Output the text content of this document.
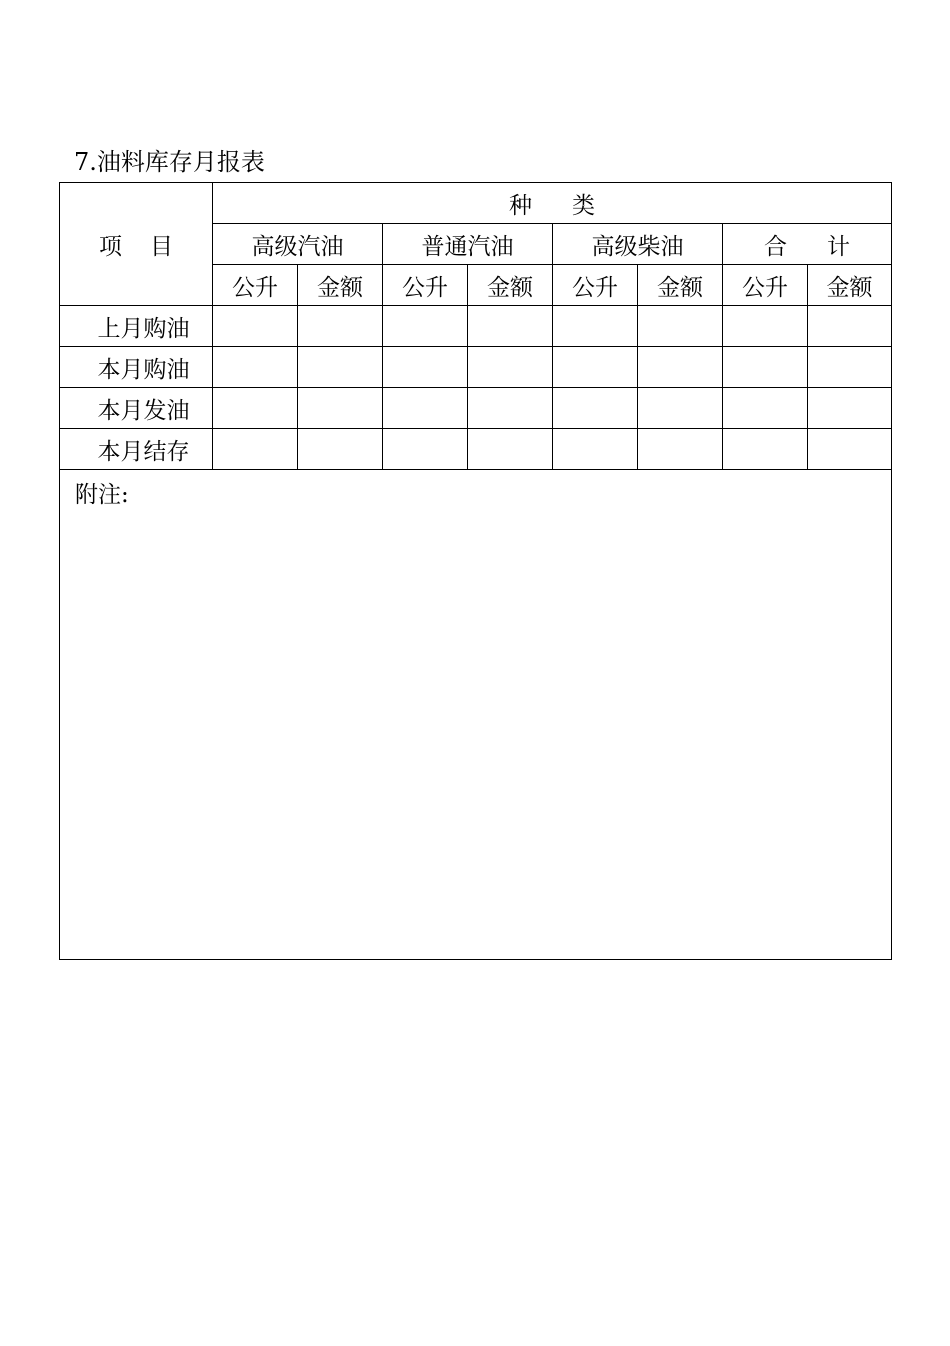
7.油料库存月报表
项目	种类							
	高级汽油		普通汽油		高级柴油		合计	
	公升	金额	公升	金额	公升	金额	公升	金额
上月购油								
本月购油								
本月发油								
本月结存								
附注:								
